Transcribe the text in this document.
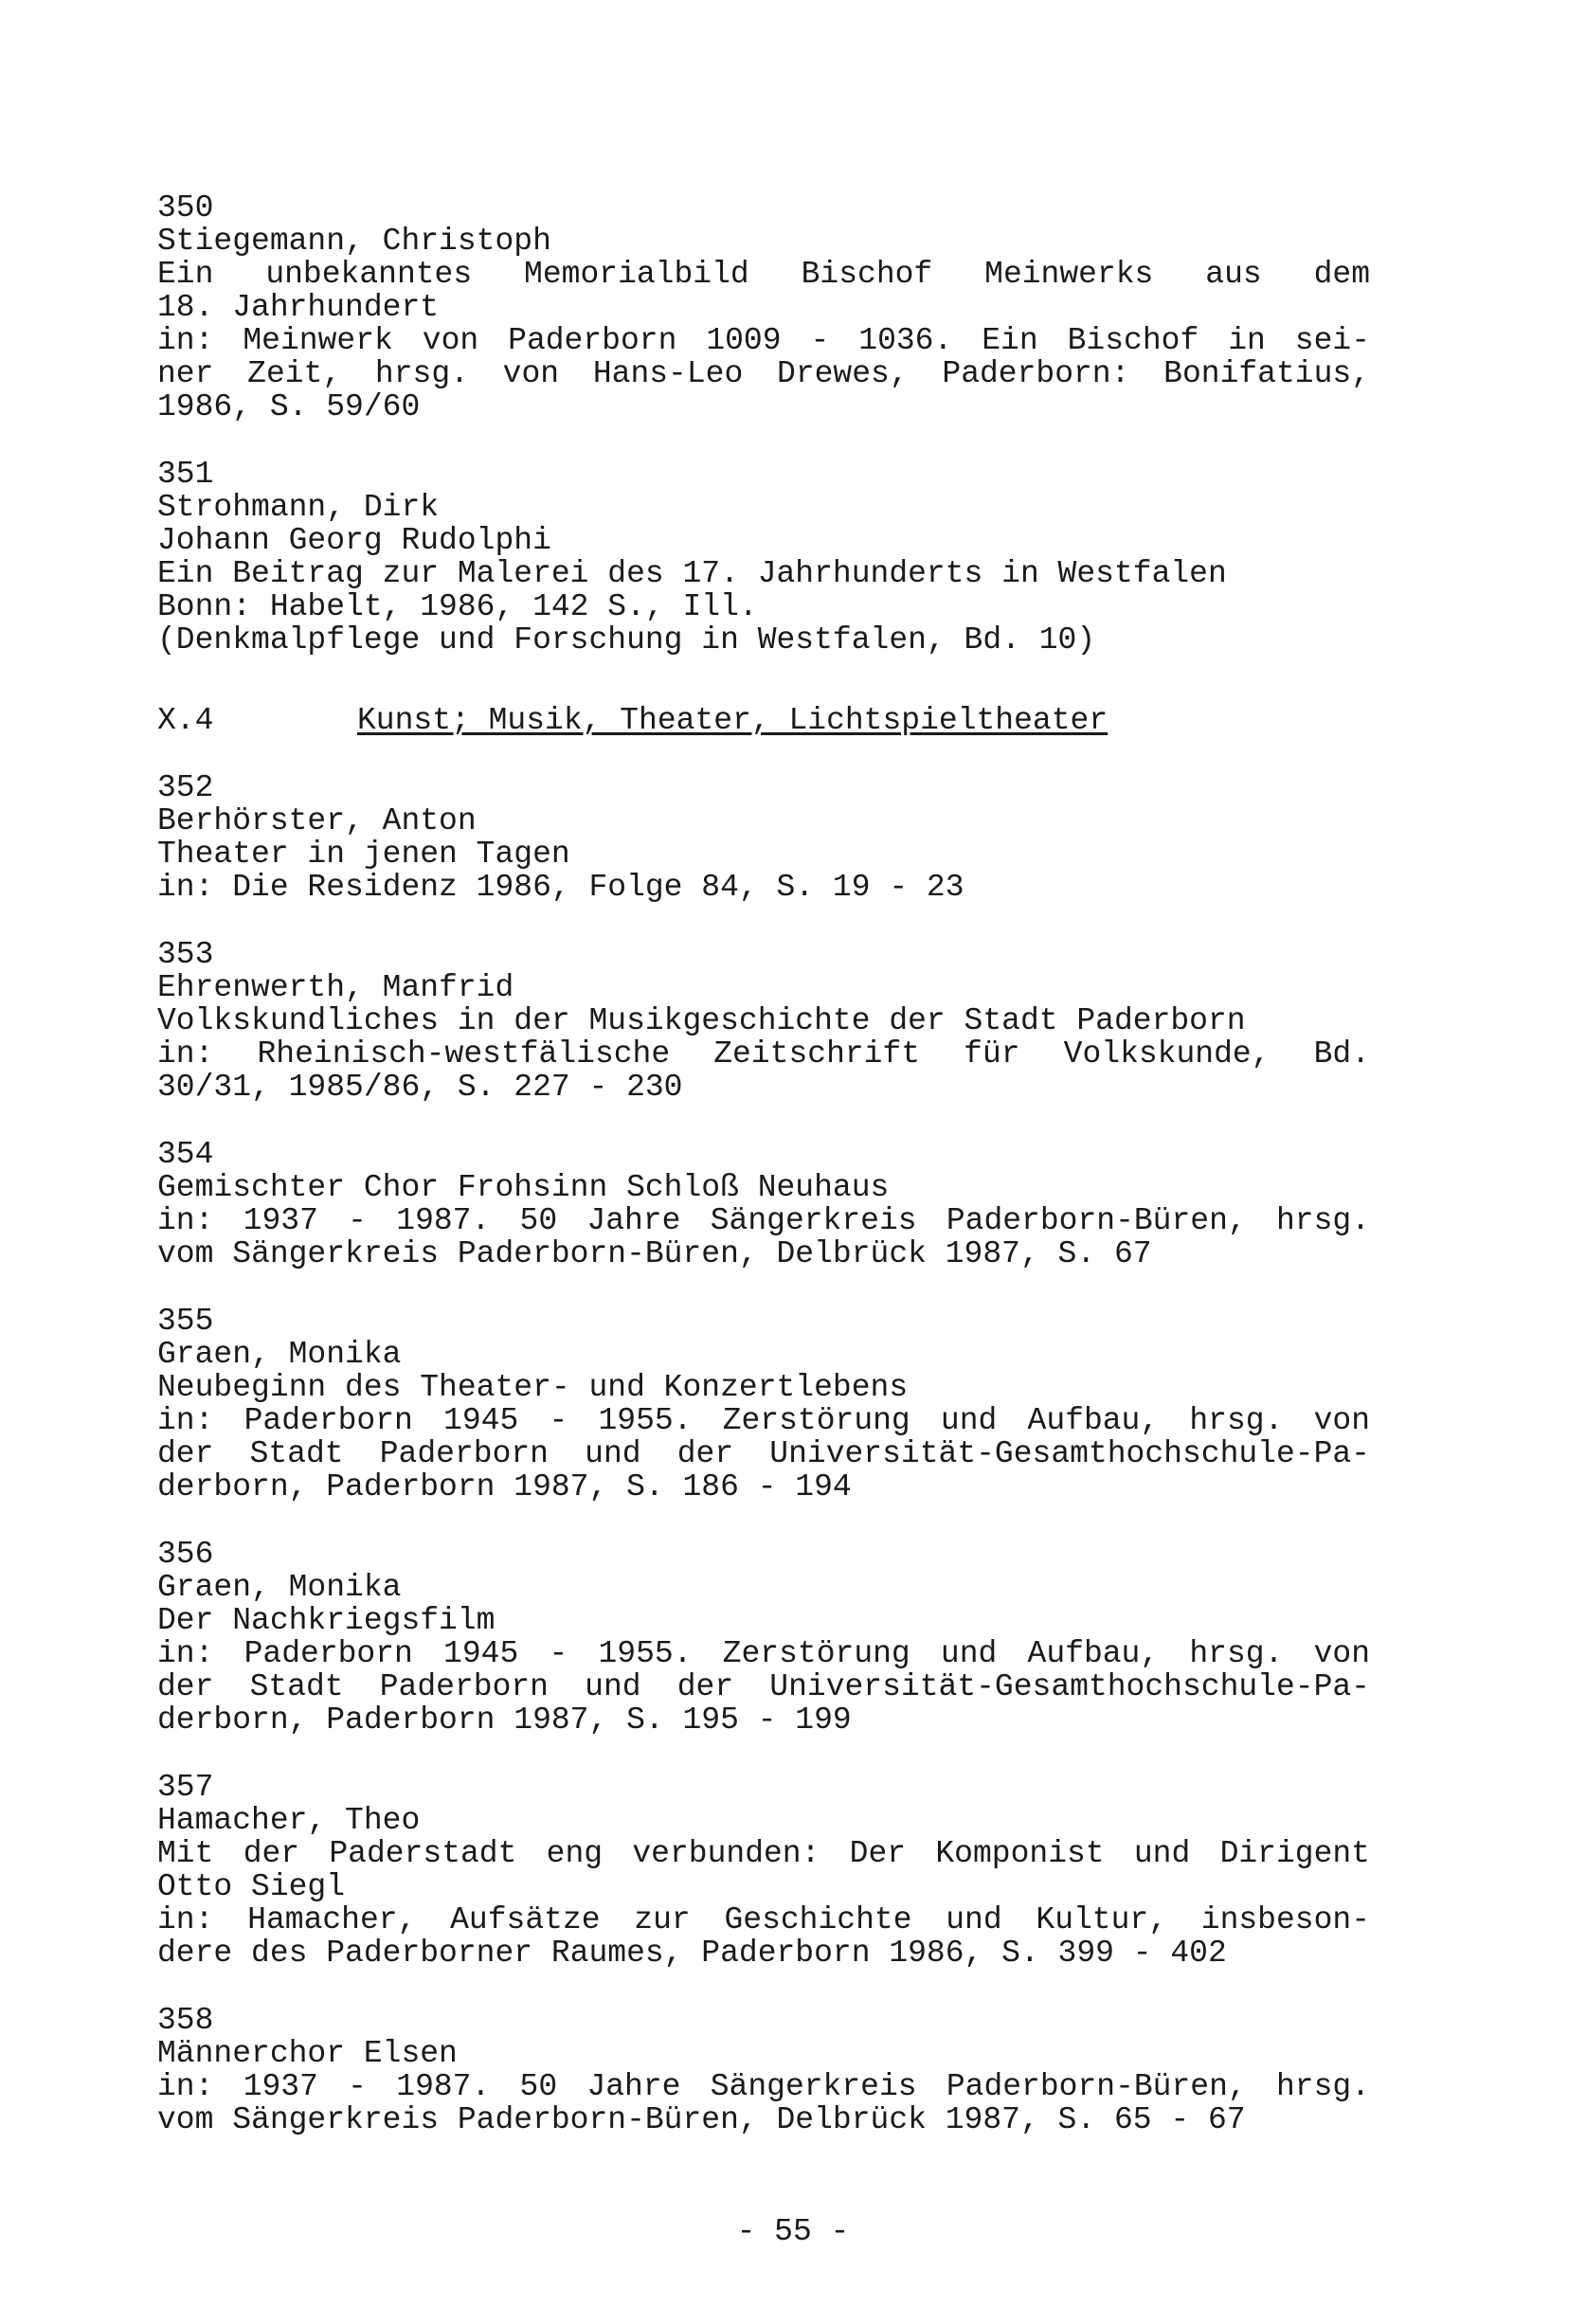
350
Stiegemann, Christoph
Ein unbekanntes Memorialbild Bischof Meinwerks aus dem
18. Jahrhundert
in: Meinwerk von Paderborn 1009 - 1036. Ein Bischof in sei-
ner Zeit, hrsg. von Hans-Leo Drewes, Paderborn: Bonifatius,
1986, S. 59/60
351
Strohmann, Dirk
Johann Georg Rudolphi
Ein Beitrag zur Malerei des 17. Jahrhunderts in Westfalen
Bonn: Habelt, 1986, 142 S., Ill.
(Denkmalpflege und Forschung in Westfalen, Bd. 10)
X.4	Kunst; Musik, Theater, Lichtspieltheater
352
Berhörster, Anton
Theater in jenen Tagen
in: Die Residenz 1986, Folge 84, S. 19 - 23
353
Ehrenwerth, Manfrid
Volkskundliches in der Musikgeschichte der Stadt Paderborn
in: Rheinisch-westfälische Zeitschrift für Volkskunde, Bd.
30/31, 1985/86, S. 227 - 230
354
Gemischter Chor Frohsinn Schloß Neuhaus
in: 1937 - 1987. 50 Jahre Sängerkreis Paderborn-Büren, hrsg.
vom Sängerkreis Paderborn-Büren, Delbrück 1987, S. 67
355
Graen, Monika
Neubeginn des Theater- und Konzertlebens
in: Paderborn 1945 - 1955. Zerstörung und Aufbau, hrsg. von
der Stadt Paderborn und der Universität-Gesamthochschule-Pa-
derborn, Paderborn 1987, S. 186 - 194
356
Graen, Monika
Der Nachkriegsfilm
in: Paderborn 1945 - 1955. Zerstörung und Aufbau, hrsg. von
der Stadt Paderborn und der Universität-Gesamthochschule-Pa-
derborn, Paderborn 1987, S. 195 - 199
357
Hamacher, Theo
Mit der Paderstadt eng verbunden: Der Komponist und Dirigent
Otto Siegl
in: Hamacher, Aufsätze zur Geschichte und Kultur, insbeson-
dere des Paderborner Raumes, Paderborn 1986, S. 399 - 402
358
Männerchor Elsen
in: 1937 - 1987. 50 Jahre Sängerkreis Paderborn-Büren, hrsg.
vom Sängerkreis Paderborn-Büren, Delbrück 1987, S. 65 - 67
- 55 -
